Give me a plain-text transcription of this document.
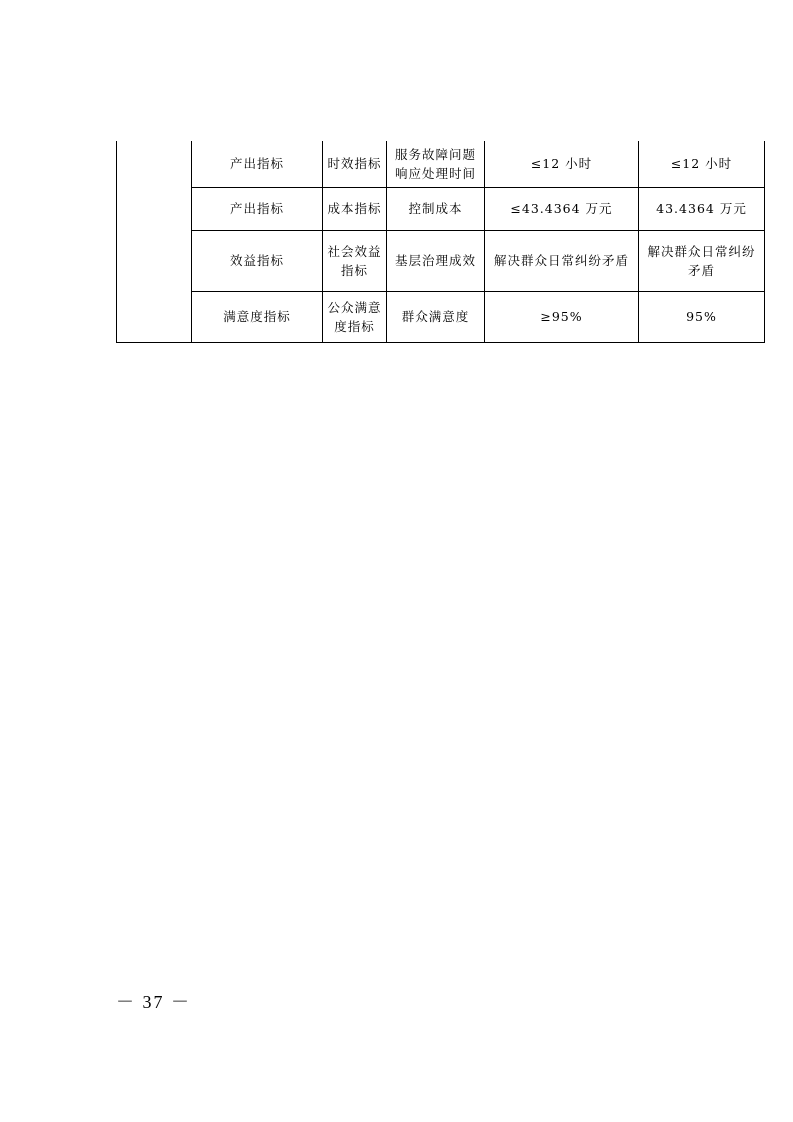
	产出指标	时效指标	服务故障问题响应处理时间	≤12 小时	≤12 小时
	产出指标	成本指标	控制成本	≤43.4364 万元	43.4364 万元
	效益指标	社会效益指标	基层治理成效	解决群众日常纠纷矛盾	解决群众日常纠纷矛盾
	满意度指标	公众满意度指标	群众满意度	≥95%	95%
－ 37 －
